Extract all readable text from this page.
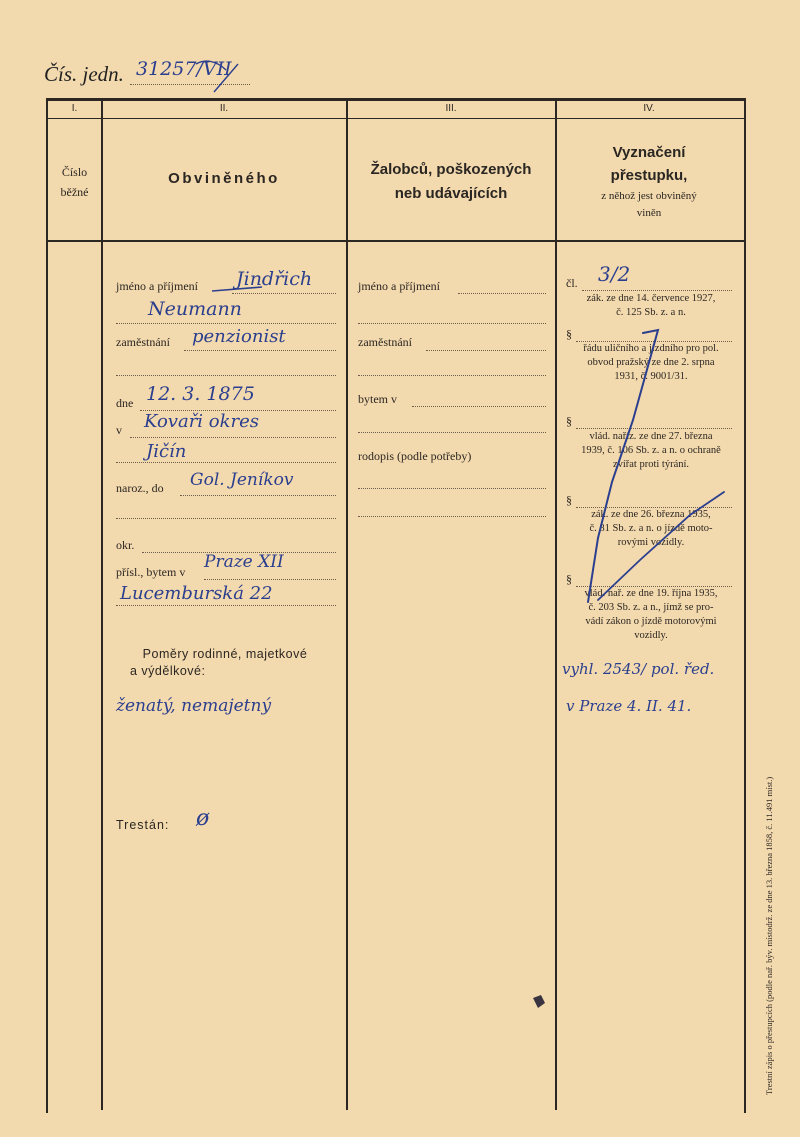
Čís. jedn. 31257/VII
I.	II.	III.	IV.
Číslo
běžné
Obviněného
Žalobců, poškozených
neb udávajících
Vyznačení
přestupku,
z něhož jest obviněný
viněn
jméno a příjmení Jindřich
Neumann
zaměstnání penzionist
dne 12. 3. 1875
v Kovaři okres
Jičín
naroz., do Gol. Jeníkov
okr.
přísl., bytem v Praze XII
Lucemburská 22
Poměry rodinné, majetkové
a výdělkové:
ženatý, nemajetný
Trestán: ø
jméno a příjmení
zaměstnání
bytem v
rodopis (podle potřeby)
čl. 3/2
zák. ze dne 14. července 1927,
č. 125 Sb. z. a n.
§
řádu uličního a jízdního pro pol.
obvod pražský ze dne 2. srpna
1931, č. 9001/31.
§
vlád. naříz. ze dne 27. března
1939, č. 106 Sb. z. a n. o ochraně
zvířat proti týrání.
§
zák. ze dne 26. března 1935,
č. 81 Sb. z. a n. o jízdě moto-
rovými vozidly.
§
vlád. nař. ze dne 19. října 1935,
č. 203 Sb. z. a n., jímž se pro-
vádí zákon o jízdě motorovými
vozidly.
vyhl. 2543/ pol. řed.
v Praze 4. II. 41.
Trestní zápis o přestupcích (podle nař. býv. místodrž. ze dne 13. března 1858, č. 11.491 míst.)
